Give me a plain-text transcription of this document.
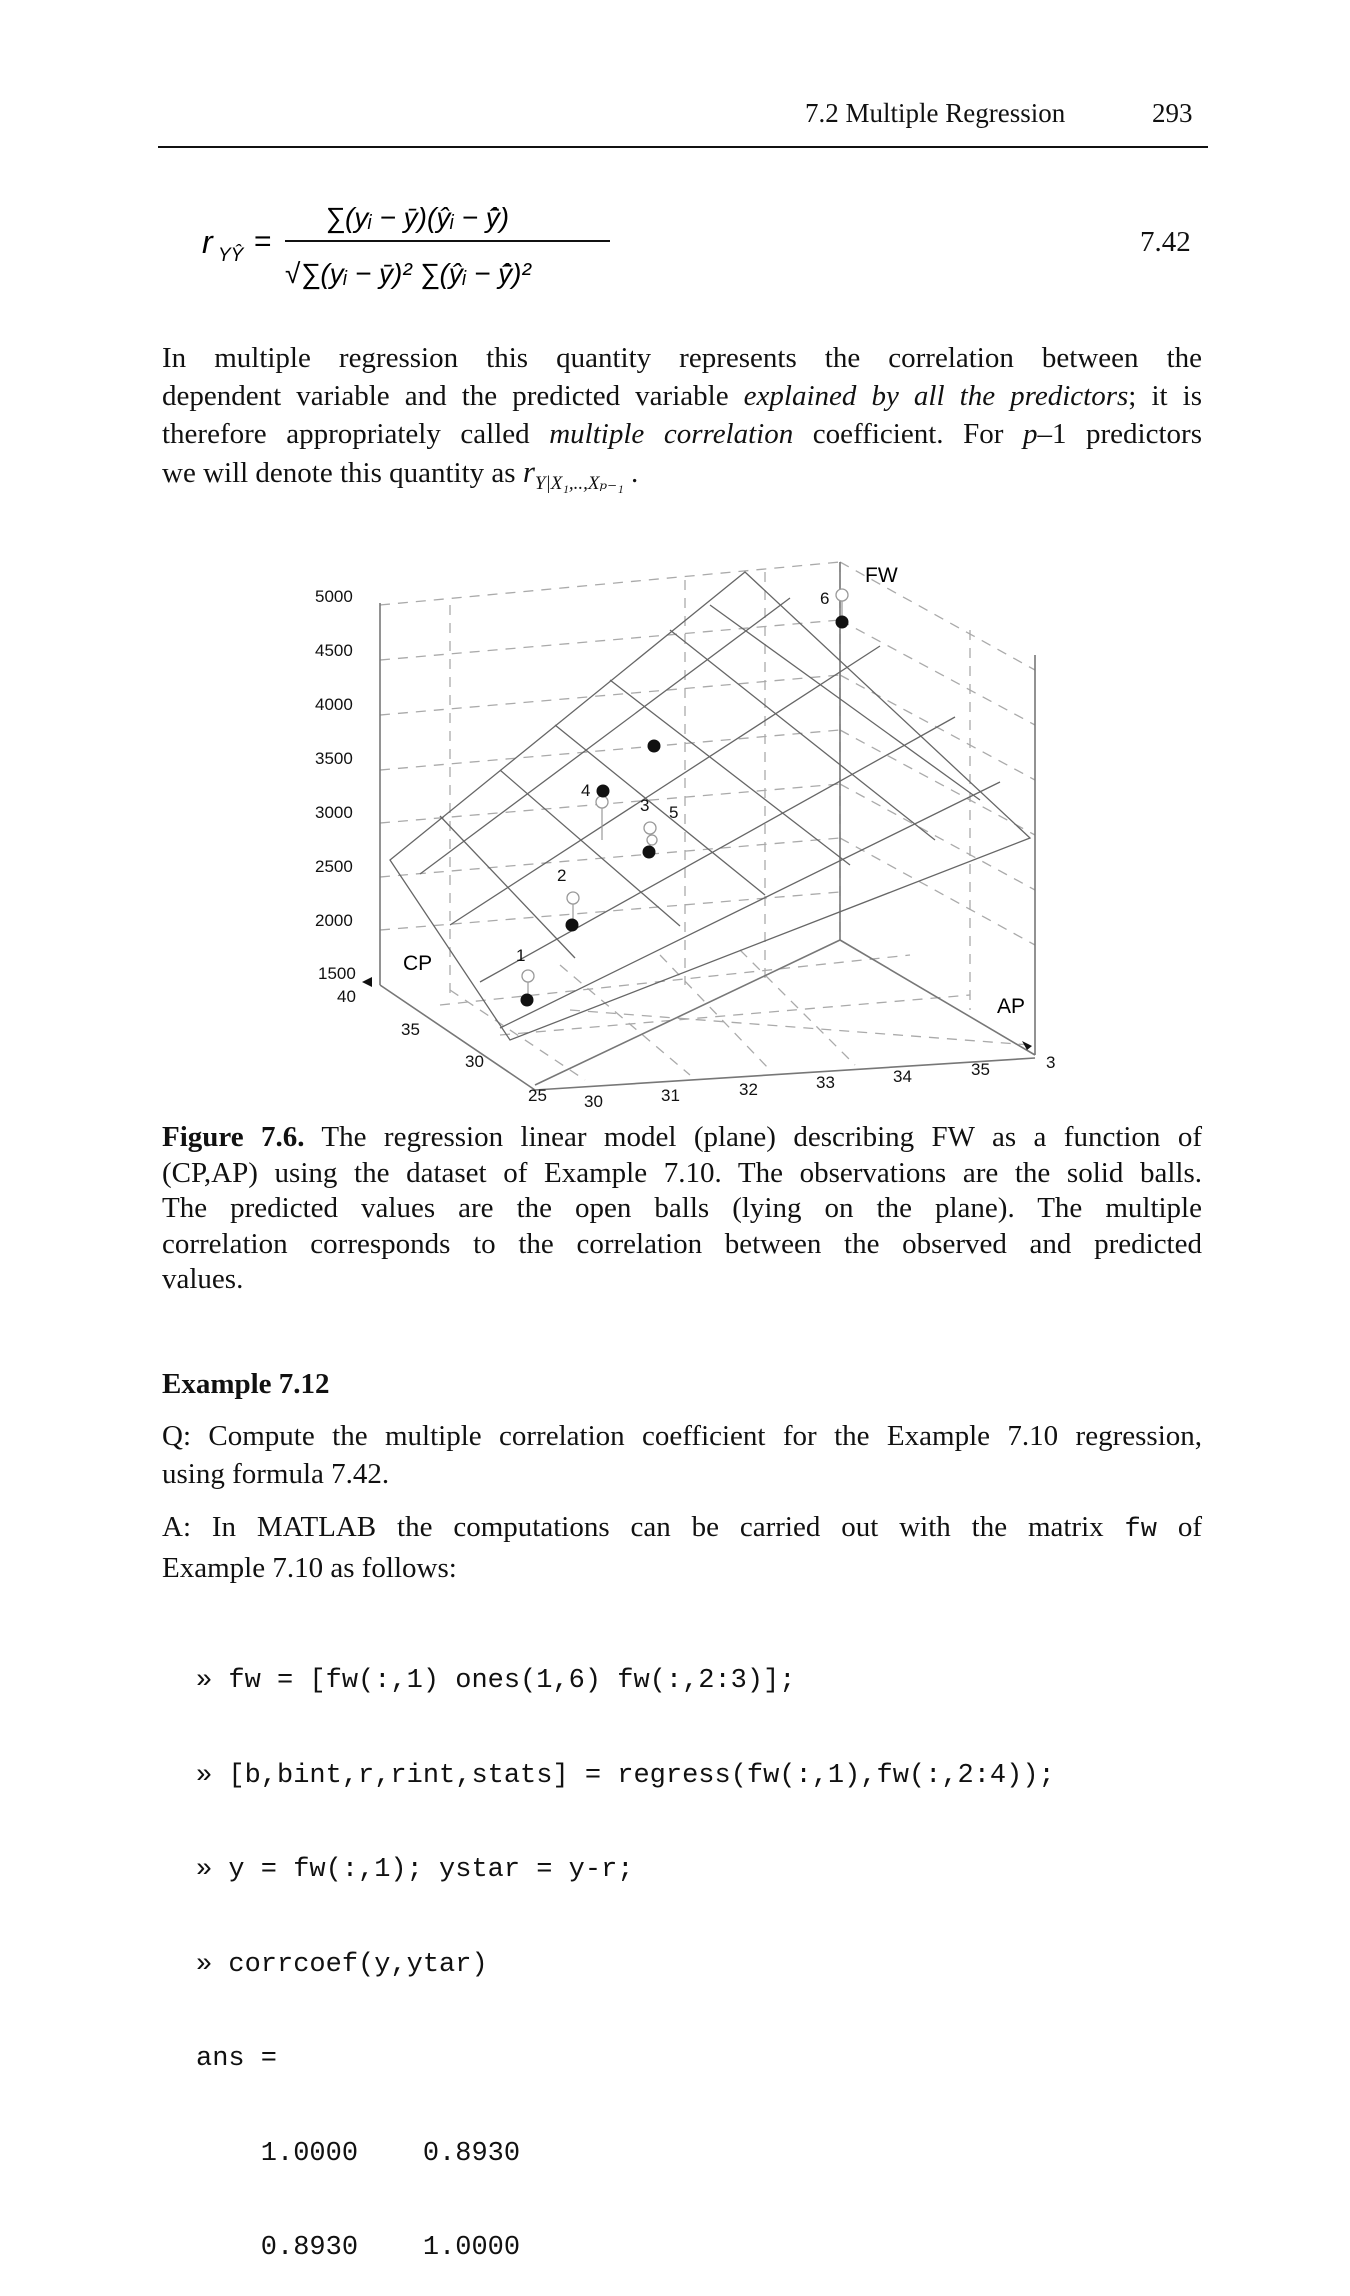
7.2 Multiple Regression	293
r YŶ =
∑(yᵢ − ȳ)(ŷᵢ − ŷ̄)
√∑(yᵢ − ȳ)² ∑(ŷᵢ − ŷ̄)²
7.42
In multiple regression this quantity represents the correlation between the
dependent variable and the predicted variable explained by all the predictors; it is
therefore appropriately called multiple correlation coefficient. For p–1 predictors
we will denote this quantity as $r_{Y|X_1,..,X_{p-1}}$ .
5000
4500
4000
3500
3000
2500
2000
1500
40
35
30
25 30	31	32	33	34	35	3
FW
CP
AP
1
2
3
4
5
6
Figure 7.6. The regression linear model (plane) describing FW as a function of
(CP,AP) using the dataset of Example 7.10. The observations are the solid balls.
The predicted values are the open balls (lying on the plane). The multiple
correlation corresponds to the correlation between the observed and predicted
values.
Example 7.12
Q: Compute the multiple correlation coefficient for the Example 7.10 regression,
using formula 7.42.
A: In MATLAB the computations can be carried out with the matrix fw of
Example 7.10 as follows:

» fw = [fw(:,1) ones(1,6) fw(:,2:3)];

» [b,bint,r,rint,stats] = regress(fw(:,1),fw(:,2:4));

» y = fw(:,1); ystar = y-r;

» corrcoef(y,ytar)

ans =

1.0000    0.8930

0.8930    1.0000
